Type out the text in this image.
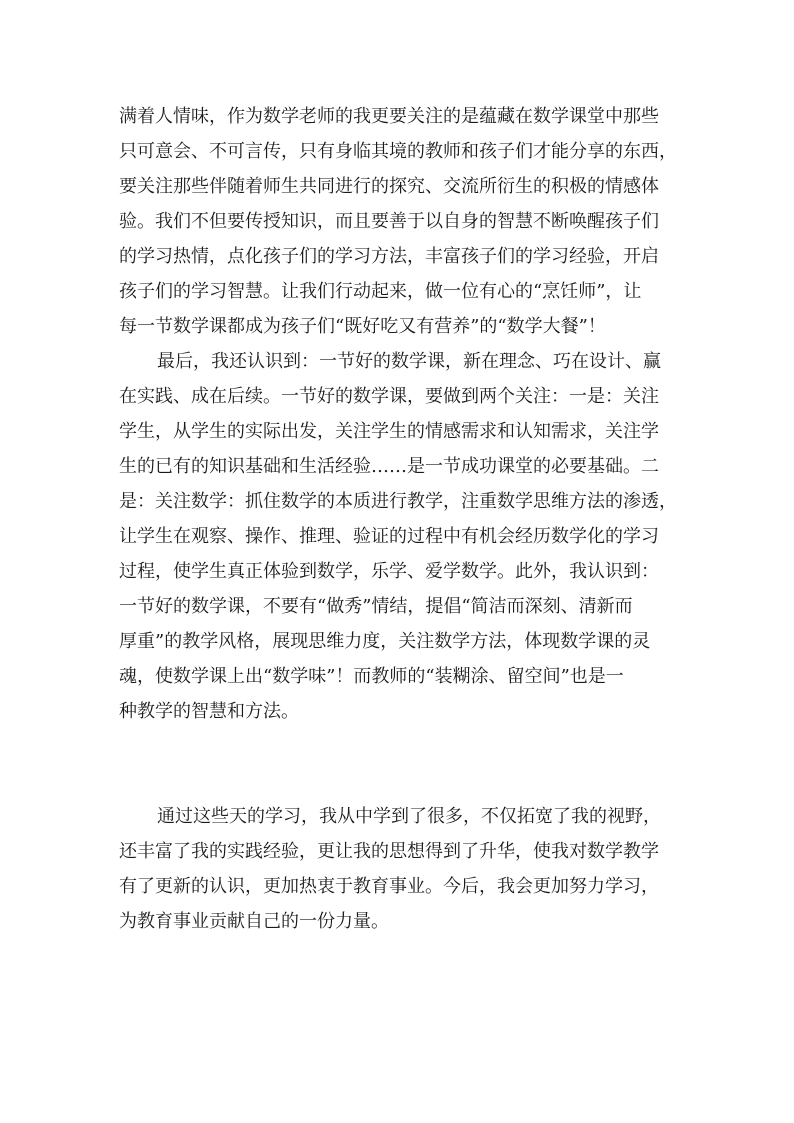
满着人情味，作为数学老师的我更要关注的是蕴藏在数学课堂中那些
只可意会、不可言传，只有身临其境的教师和孩子们才能分享的东西，
要关注那些伴随着师生共同进行的探究、交流所衍生的积极的情感体
验。我们不但要传授知识，而且要善于以自身的智慧不断唤醒孩子们
的学习热情，点化孩子们的学习方法，丰富孩子们的学习经验，开启
孩子们的学习智慧。让我们行动起来，做一位有心的“烹饪师”，让
每一节数学课都成为孩子们“既好吃又有营养”的“数学大餐”！
最后，我还认识到：一节好的数学课，新在理念、巧在设计、赢
在实践、成在后续。一节好的数学课，要做到两个关注：一是：关注
学生，从学生的实际出发，关注学生的情感需求和认知需求，关注学
生的已有的知识基础和生活经验……是一节成功课堂的必要基础。二
是：关注数学：抓住数学的本质进行教学，注重数学思维方法的渗透，
让学生在观察、操作、推理、验证的过程中有机会经历数学化的学习
过程，使学生真正体验到数学，乐学、爱学数学。此外，我认识到：
一节好的数学课，不要有“做秀”情结，提倡“简洁而深刻、清新而
厚重”的教学风格，展现思维力度，关注数学方法，体现数学课的灵
魂，使数学课上出“数学味”！而教师的“装糊涂、留空间”也是一
种教学的智慧和方法。
通过这些天的学习，我从中学到了很多，不仅拓宽了我的视野，
还丰富了我的实践经验，更让我的思想得到了升华，使我对数学教学
有了更新的认识，更加热衷于教育事业。今后，我会更加努力学习，
为教育事业贡献自己的一份力量。
